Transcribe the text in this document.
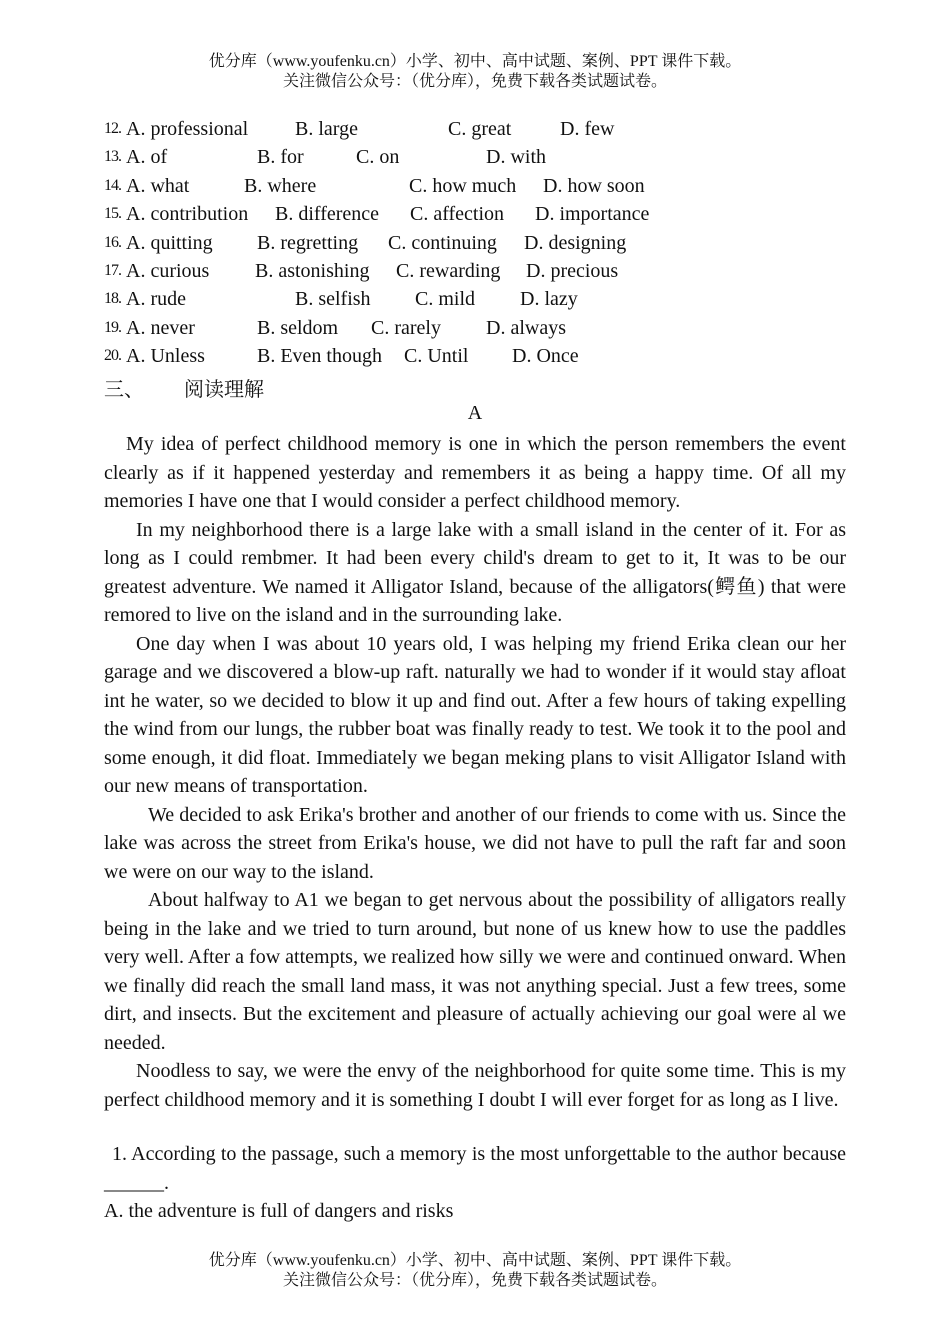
优分库（www.youfenku.cn）小学、初中、高中试题、案例、PPT 课件下载。
关注微信公众号：（优分库），免费下载各类试题试卷。
12. A. professional B. large	C. great D. few
13. A. of	B. for	C. on	D. with
14. A. what	B. where	C. how much D. how soon
15. A. contribution B. difference C. affection D. importance
16. A. quitting B. regretting C. continuing D. designing
17. A. curious B. astonishing C. rewarding D. precious
18. A. rude	B. selfish C. mild D. lazy
19. A. never	B. seldom C. rarely D. always
20. A. Unless	B. Even though C. Until D. Once
三、 阅读理解
A

My idea of perfect childhood memory is one in which the person remembers the event clearly as if it happened yesterday and remembers it as being a happy time. Of all my memories I have one that I would consider a perfect childhood memory.

In my neighborhood there is a large lake with a small island in the center of it. For as long as I could rembmer. It had been every child's dream to get to it, It was to be our greatest adventure. We named it Alligator Island, because of the alligators(鳄鱼) that were remored to live on the island and in the surrounding lake.

One day when I was about 10 years old, I was helping my friend Erika clean our her garage and we discovered a blow-up raft. naturally we had to wonder if it would stay afloat int he water, so we decided to blow it up and find out. After a few hours of taking expelling the wind from our lungs, the rubber boat was finally ready to test. We took it to the pool and some enough, it did float. Immediately we began meking plans to visit Alligator Island with our new means of transportation.

We decided to ask Erika's brother and another of our friends to come with us. Since the lake was across the street from Erika's house, we did not have to pull the raft far and soon we were on our way to the island.

About halfway to A1 we began to get nervous about the possibility of alligators really being in the lake and we tried to turn around, but none of us knew how to use the paddles very well. After a fow attempts, we realized how silly we were and continued onward. When we finally did reach the small land mass, it was not anything special. Just a few trees, some dirt, and insects. But the excitement and pleasure of actually achieving our goal were al we needed.

Noodless to say, we were the envy of the neighborhood for quite some time. This is my perfect childhood memory and it is something I doubt I will ever forget for as long as I live.

1. According to the passage, such a memory is the most unforgettable to the author because ______.

A. the adventure is full of dangers and risks

优分库（www.youfenku.cn）小学、初中、高中试题、案例、PPT 课件下载。
关注微信公众号：（优分库），免费下载各类试题试卷。
